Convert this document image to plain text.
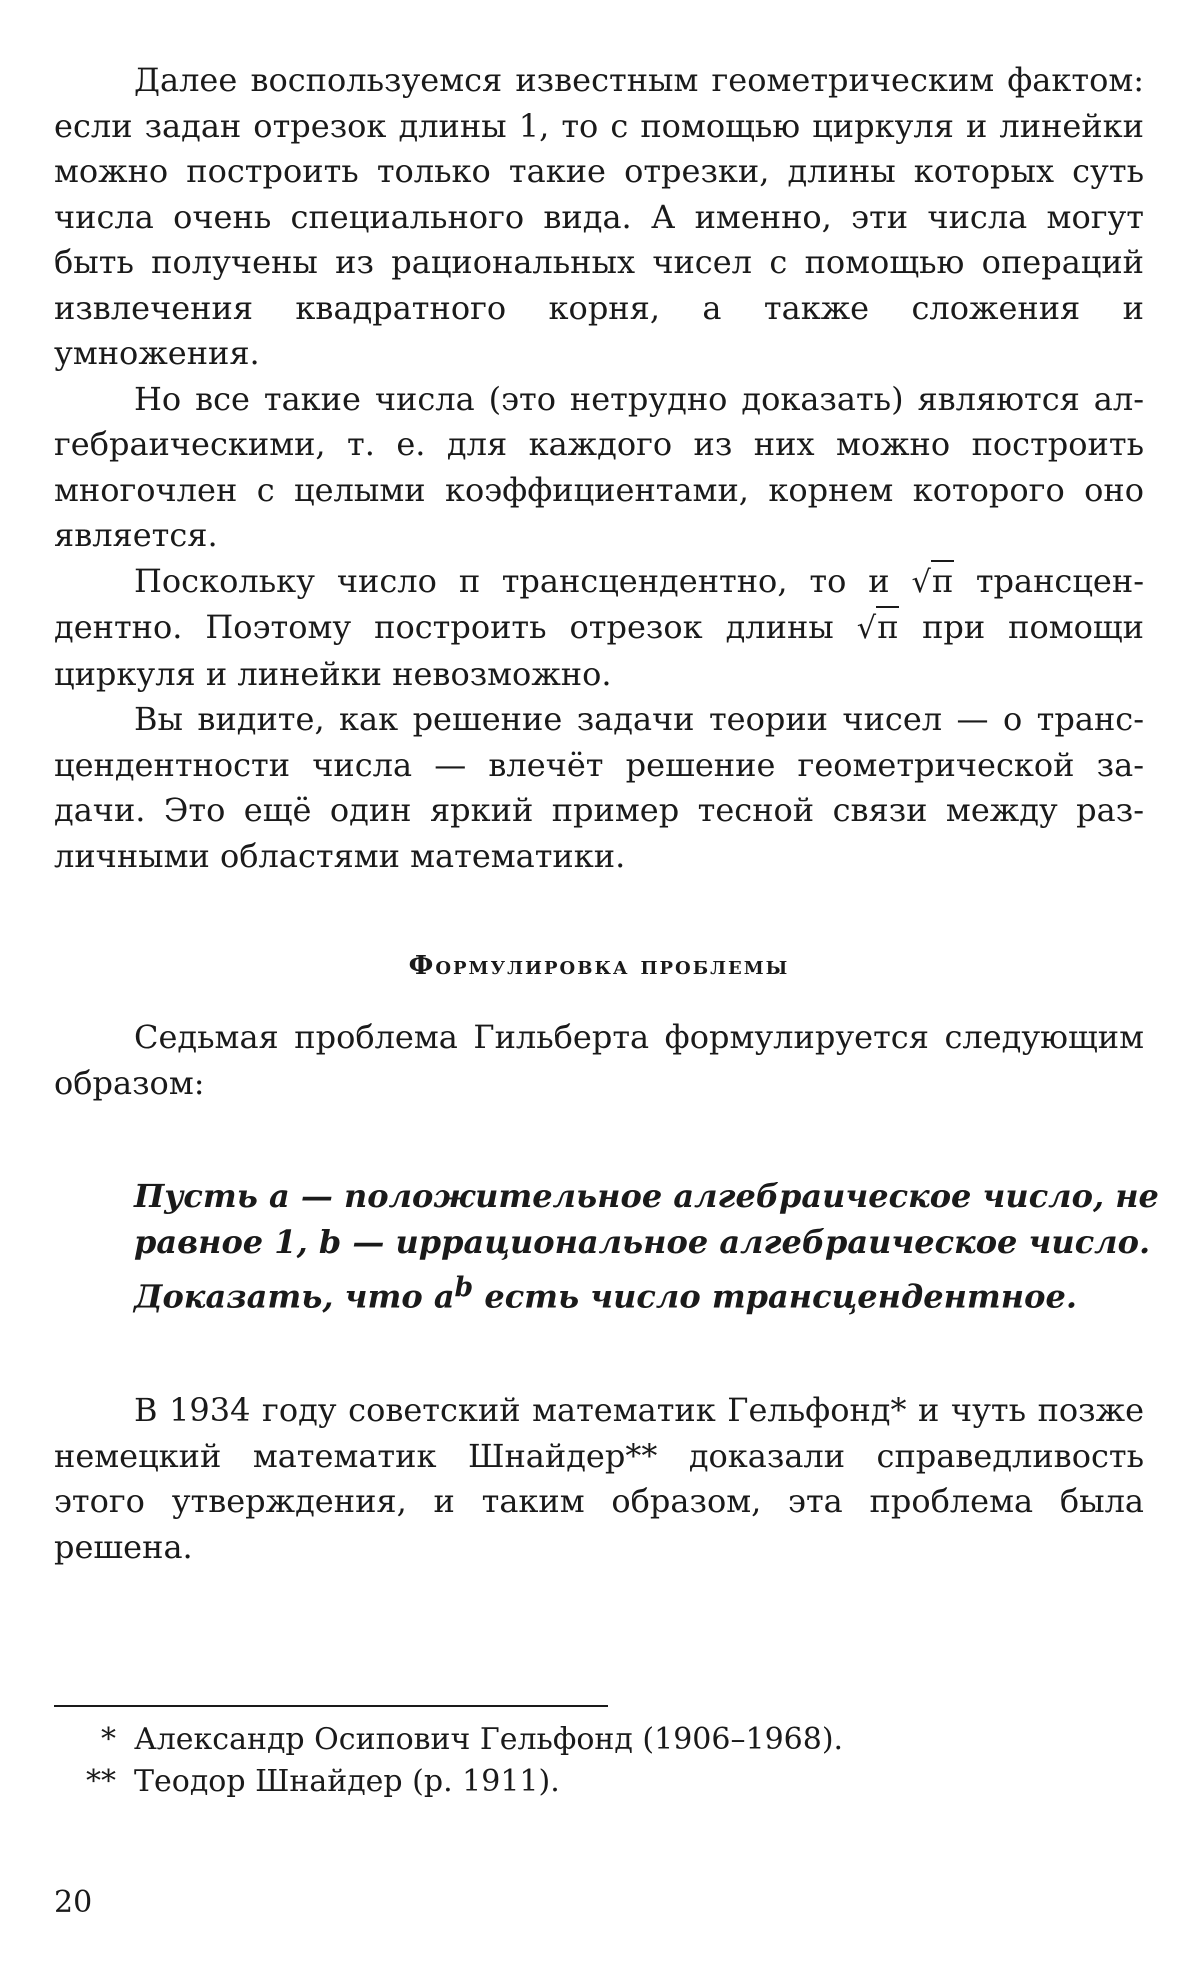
Далее воспользуемся известным геометрическим фактом: если задан отрезок длины 1, то с помощью циркуля и линейки можно построить только такие отрезки, длины которых суть числа очень специального вида. А именно, эти числа могут быть получены из рациональных чисел с помощью операций извлечения квадратного корня, а также сложения и умножения.

Но все такие числа (это нетрудно доказать) являются алгебраическими, т. е. для каждого из них можно построить многочлен с целыми коэффициентами, корнем которого оно является.

Поскольку число π трансцендентно, то и √π трансцендентно. Поэтому построить отрезок длины √π при помощи циркуля и линейки невозможно.

Вы видите, как решение задачи теории чисел — о трансцендентности числа — влечёт решение геометрической задачи. Это ещё один яркий пример тесной связи между различными областями математики.

Формулировка проблемы

Седьмая проблема Гильберта формулируется следующим образом:

Пусть a — положительное алгебраическое число, не
равное 1, b — иррациональное алгебраическое число.
Доказать, что $a^b$ есть число трансцендентное.

В 1934 году советский математик Гельфонд* и чуть позже немецкий математик Шнайдер** доказали справедливость этого утверждения, и таким образом, эта проблема была решена.

* Александр Осипович Гельфонд (1906–1968).

** Теодор Шнайдер (р. 1911).

20
